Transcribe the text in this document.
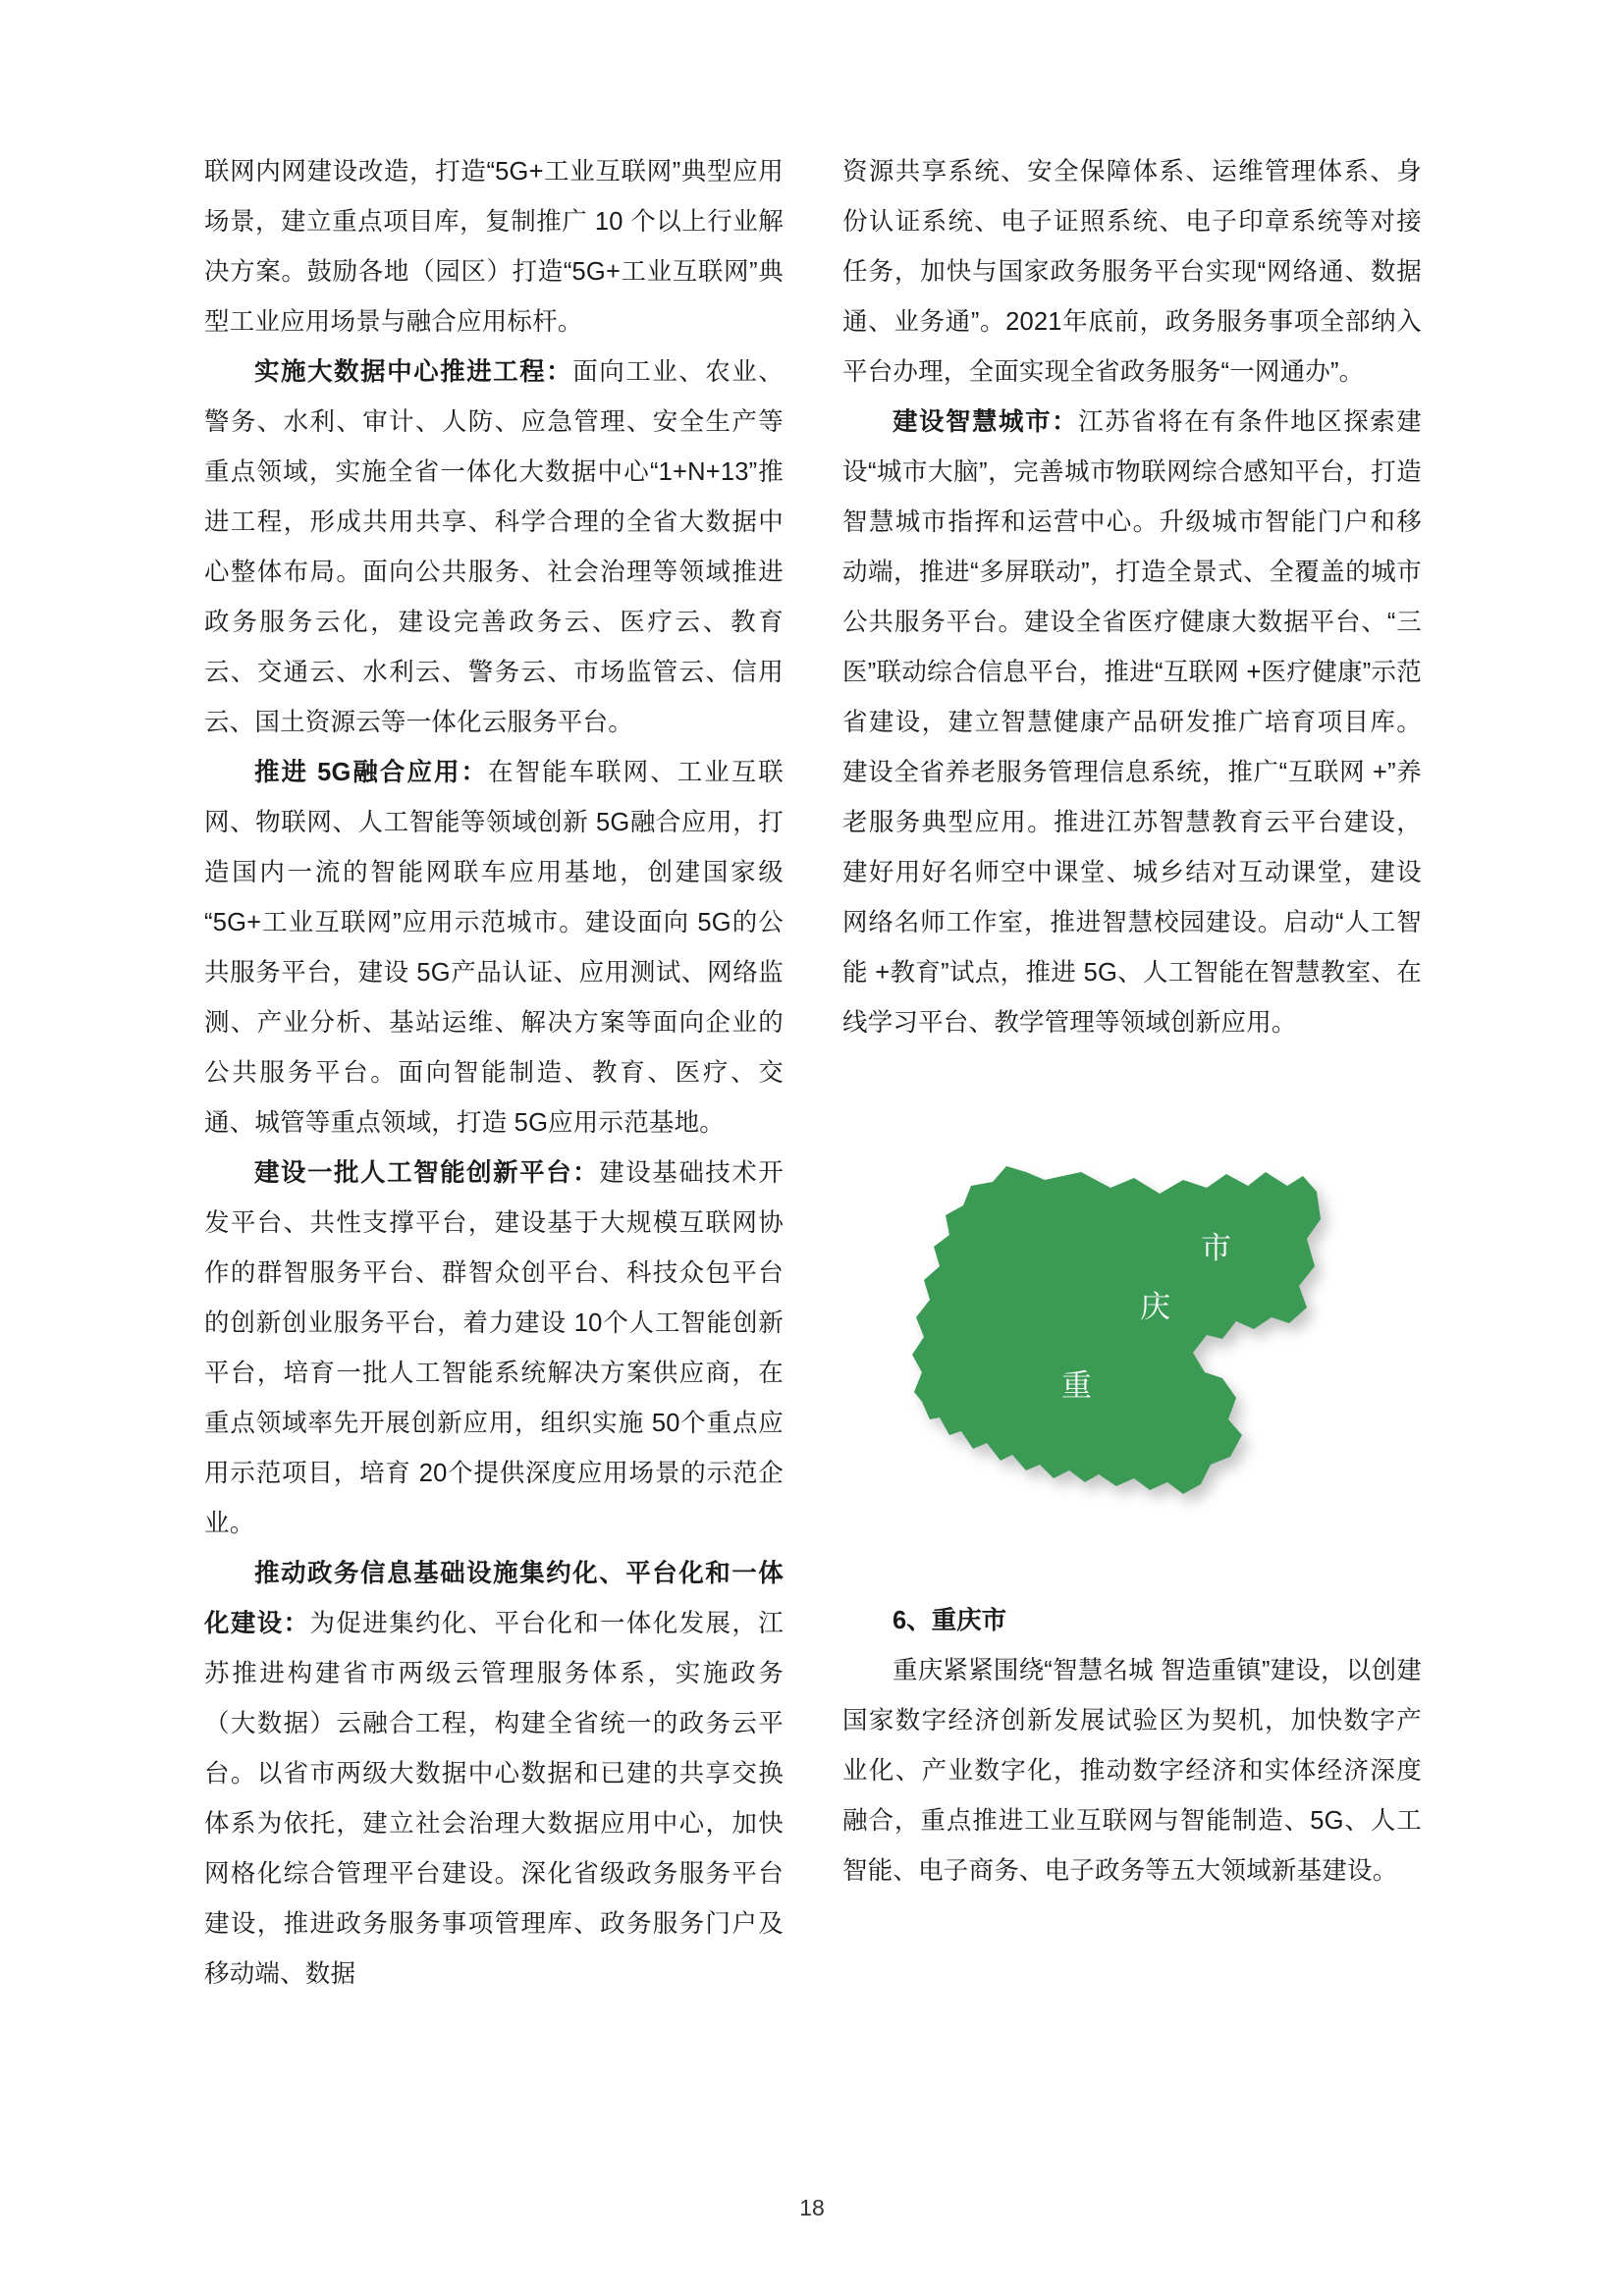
联网内网建设改造，打造“5G+工业互联网”典型应用场景，建立重点项目库，复制推广 10 个以上行业解决方案。鼓励各地（园区）打造“5G+工业互联网”典型工业应用场景与融合应用标杆。

实施大数据中心推进工程：面向工业、农业、警务、水利、审计、人防、应急管理、安全生产等重点领域，实施全省一体化大数据中心“1+N+13”推进工程，形成共用共享、科学合理的全省大数据中心整体布局。面向公共服务、社会治理等领域推进政务服务云化，建设完善政务云、医疗云、教育云、交通云、水利云、警务云、市场监管云、信用云、国土资源云等一体化云服务平台。

推进 5G融合应用：在智能车联网、工业互联网、物联网、人工智能等领域创新 5G融合应用，打造国内一流的智能网联车应用基地，创建国家级“5G+工业互联网”应用示范城市。建设面向 5G的公共服务平台，建设 5G产品认证、应用测试、网络监测、产业分析、基站运维、解决方案等面向企业的公共服务平台。面向智能制造、教育、医疗、交通、城管等重点领域，打造 5G应用示范基地。

建设一批人工智能创新平台：建设基础技术开发平台、共性支撑平台，建设基于大规模互联网协作的群智服务平台、群智众创平台、科技众包平台的创新创业服务平台，着力建设 10个人工智能创新平台，培育一批人工智能系统解决方案供应商，在重点领域率先开展创新应用，组织实施 50个重点应用示范项目，培育 20个提供深度应用场景的示范企业。

推动政务信息基础设施集约化、平台化和一体化建设：为促进集约化、平台化和一体化发展，江苏推进构建省市两级云管理服务体系，实施政务（大数据）云融合工程，构建全省统一的政务云平台。以省市两级大数据中心数据和已建的共享交换体系为依托，建立社会治理大数据应用中心，加快网格化综合管理平台建设。深化省级政务服务平台建设，推进政务服务事项管理库、政务服务门户及移动端、数据

资源共享系统、安全保障体系、运维管理体系、身份认证系统、电子证照系统、电子印章系统等对接任务，加快与国家政务服务平台实现“网络通、数据通、业务通”。2021年底前，政务服务事项全部纳入平台办理，全面实现全省政务服务“一网通办”。

建设智慧城市：江苏省将在有条件地区探索建设“城市大脑”，完善城市物联网综合感知平台，打造智慧城市指挥和运营中心。升级城市智能门户和移动端，推进“多屏联动”，打造全景式、全覆盖的城市公共服务平台。建设全省医疗健康大数据平台、“三医”联动综合信息平台，推进“互联网 +医疗健康”示范省建设，建立智慧健康产品研发推广培育项目库。建设全省养老服务管理信息系统，推广“互联网 +”养老服务典型应用。推进江苏智慧教育云平台建设，建好用好名师空中课堂、城乡结对互动课堂，建设网络名师工作室，推进智慧校园建设。启动“人工智能 +教育”试点，推进 5G、人工智能在智慧教室、在线学习平台、教学管理等领域创新应用。

市
庆
重

6、重庆市

重庆紧紧围绕“智慧名城 智造重镇”建设，以创建国家数字经济创新发展试验区为契机，加快数字产业化、产业数字化，推动数字经济和实体经济深度融合，重点推进工业互联网与智能制造、5G、人工智能、电子商务、电子政务等五大领域新基建设。

18
